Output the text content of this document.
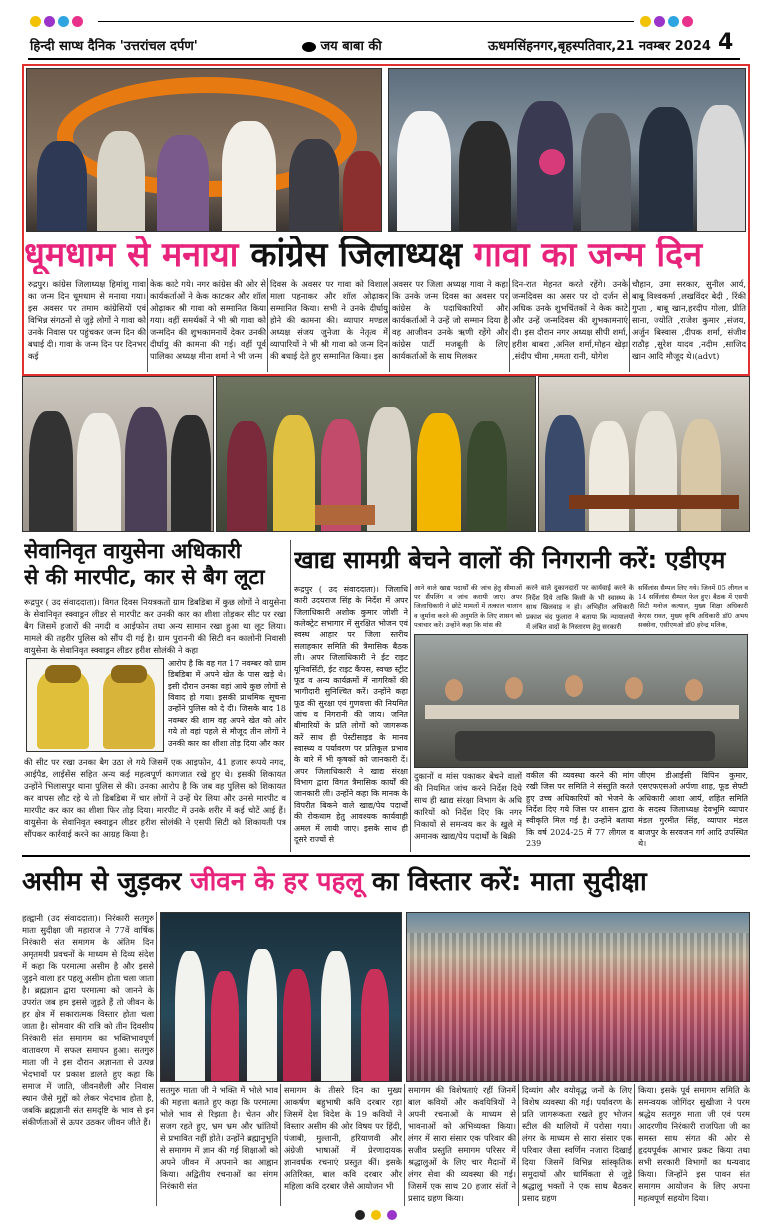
हिन्दी साप्ध दैनिक 'उत्तरांचल दर्पण'	जय बाबा की	ऊधमसिंहनगर,बृहस्पतिवार,21 नवम्बर 2024 4
धूमधाम से मनाया कांग्रेस जिलाध्यक्ष गावा का जन्म दिन
रुद्रपुर। कांग्रेस जिलाध्यक्ष हिमांशु गावा का जन्म दिन धूमधाम से मनाया गया। इस अवसर पर तमाम कांग्रेसियों एवं विभिन्न संगठनों से जुड़े लोगों ने गावा को उनके निवास पर पहुंचकर जन्म दिन की बधाई दी। गावा के जन्म दिन पर दिनभर कई
केक काटे गये। नगर कांग्रेस की ओर से कार्यकर्ताओं ने केक काटकर और शॉल ओढ़ाकर श्री गावा को सम्मानित किया गया। वहीं समर्थकों ने भी श्री गावा को जन्मदिन की शुभकामनायें देकर उनकी दीर्घायु की कामना की गई। वहीं पूर्व पालिका अध्यक्ष मीना शर्मा ने भी जन्म
दिवस के अवसर पर गावा को विशाल माला पहनाकर और शॉल ओढ़ाकर सम्मानित किया। सभी ने उनके दीर्घायु होने की कामना की। व्यापार मण्डल अध्यक्ष संजय जुनेजा के नेतृत्व में व्यापारियों ने भी श्री गावा को जन्म दिन की बधाई देते हुए सम्मानित किया। इस
अवसर पर जिला अध्यक्ष गावा ने कहा कि उनके जन्म दिवस का अवसर पर कांग्रेस के पदाधिकारियों और कार्यकर्ताओं ने उन्हें जो सम्मान दिया है वह आजीवन उनके ऋणी रहेंगे और कांग्रेस पार्टी मजबूती के लिए कार्यकर्ताओं के साथ मिलकर
दिन-रात मेहनत करते रहेंगे। उनके जन्मदिवस का असर पर दो दर्जन से अधिक उनके शुभचिंतकों ने केक काटे और उन्हें जन्मदिवस की शुभकामनाएं दी। इस दौरान नगर अध्यक्ष सीपी शर्मा, हरीश बाबरा ,अनिल शर्मा,मोहन खेड़ा ,संदीप चीमा ,ममता रानी, योगेश
चौहान, उमा सरकार, सुनील आर्य, बाबू विश्वकर्मा ,लखविंदर बेदी , रिंकी गुप्ता , बाबू खान,हरदीप गोला, प्रीति साना, ज्योति ,राजेश कुमार ,संजय, अर्जुन बिस्वास ,दीपक शर्मा, संजीव राठौड़ ,सुरेश यादव ,नदीम ,साजिद खान आदि मौजूद थे।(advt)
सेवानिवृत वायुसेना अधिकारी
से की मारपीट, कार से बैग लूटा
रूद्रपुर ( उद संवाददाता)। विगत दिवस नियत्रकतों ग्राम डिबडिबा में कुछ लोगों ने वायुसेना के सेवानिवृत स्क्वाड्रन लीडर से मारपीट कर उनकी कार का शीशा तोड़कर सीट पर रखा बैग जिसमें हजारों की नगदी व आईफोन तथा अन्य सामान रखा हुआ था लूट लिया। मामले की तहरीर पुलिस को सौंप दी गई है। ग्राम पुराननी की सिटी वन कालोनी निवासी वायुसेना के सेवानिवृत स्क्वाड्रन लीडर हरीश सोलंकी ने कहा
आरोप है कि वह गत 17 नवम्बर को ग्राम डिबडिबा में अपने खेत के पास खड़े थे। इसी दौरान उनका वहां आये कुछ लोगों से विवाद हो गया। इसकी प्राथमिक सूचना उन्होंने पुलिस को दे दी। जिसके बाद 18 नवम्बर की शाम वह अपने खेत को ओर गये तो वहां पहले से मौजूद तीन लोगों ने उनकी कार का शीशा तोड़ दिया और कार
की सीट पर रखा उनका बैग उठा ले गये जिसमें एक आइफोन, 41 हजार रूपये नगद, आईपैड, लाईसेंस सहित अन्य कई महत्वपूर्ण कागजात रखे हुए थे। इसकी शिकायत उन्होंने भिलासपुर थाना पुलिस से की। उनका आरोप है कि जब वह पुलिस को शिकायत कर वापस लौट रहे थे तो डिबडिबा में चार लोगों ने उन्हें घेर लिया और उनसे मारपीट व मारपीट कर कार का शीशा फिर तोड़ दिया। मारपीट में उनके शरीर में कई चोटें आई हैं। वायुसेना के सेवानिवृत स्क्वाड्रन लीडर हरीश सोलंकी ने एसपी सिटी को शिकायती पत्र सौंपकर कार्रवाई करने का आग्रह किया है।
खाद्य सामग्री बेचने वालों की निगरानी करें: एडीएम
रूद्रपुर ( उद संवाददाता)। जिलाधि कारी उदयराज सिंह के निर्देश में अपर जिलाधिकारी अशोक कुमार जोशी ने कलेक्ट्रेट सभागार में सुरक्षित भोजन एवं स्वस्थ आहार पर जिला स्तरीय सलाहकार समिति की त्रैमासिक बैठक ली। अपर जिलाधिकारी ने ईट राइट यूनिवर्सिटी, ईट राइट कैंपस, स्वच्छ स्ट्रीट फूड व अन्य कार्यक्रमों में नागरिकों की भागीदारी सुनिश्चित करें। उन्होंने कहा फूड की सुरक्षा एवं गुणवत्ता की नियमित जांच व निगरानी की जाय। जनित बीमारियों के प्रति लोगों को जागरूक करें साथ ही पेस्टीसाइड के मानव स्वास्थ्य व पर्यावरण पर प्रतिकूल प्रभाव के बारे में भी कृषकों को जानकारी दें। अपर जिलाधिकारी ने खाद्य संरक्षा विभाग द्वारा विगत त्रैमासिक कार्यों की जानकारी ली। उन्होंने कहा कि मानक के विपरीत बिकने वाले खाद्य/पेय पदार्थों की रोकथाम हेतु आवश्यक कार्यवाही अमल में लायी जाए। इसके साथ ही दूसरे राज्यों से
आने वाले खाद्य पदार्थों की जांच हेतु सीमाओं पर सैंपलिंग व जांच करायी जाए। अपर जिलाधिकारी ने छोटे मामलों में तत्काल चालान व जुर्माना करने की अनुमति के लिए शासन को पत्राचार करें। उन्होंने कहा कि मांस की
करने वाले दुकानदारों पर कार्यवाई करने के निर्देश दिये ताकि किसी के भी स्वास्थ्य के साथ खिलवाड़ न हो। अभिहीत अधिकारी प्रकाश चंद फुलारा ने बताया कि न्यायालयों में लंबित वादों के निस्तारण हेतु सरकारी
सर्विलांस सैम्पल लिए गये। जिनमें 05 लीगल व 14 सर्विलांस सैम्पल फेल हुए। बैठक में एसपी सिटी मनोज कत्याल, मुख्य शिक्षा अधिकारी केएस रावत, मुख्य कृषि अधिकारी डॉ0 अभय सक्सेना, एसीएमओ डॉ0 हरेन्द्र मलिक,
दुकानों व मांस पकाकर बेचने वालों की नियमित जांच करने निर्देश दिये साथ ही खाद्य संरक्षा विभाग के अधि कारियों को निर्देश दिए कि नगर निकायों से समन्वय कर के खुले में अमानक खाद्य/पेय पदार्थों के बिक्री
वकील की व्यवस्था करने की मांग रखी जिस पर समिति ने संस्तुति करते हुए उच्च अधिकारियों को भेजने के निर्देश दिए गये जिस पर शासन द्वारा स्वीकृति मिल गई है। उन्होंने बताया कि वर्ष 2024-25 में 77 लीगल व 239
जीएम डीआईसी विपिन कुमार, एसएफएसओ अर्पणा शाह, फूड सेफ्टी अधिकारी आशा आर्य, शहित समिति के सदस्य जिलाध्यक्ष देवभूमि व्यापार मंडल गुरमीत सिंह, व्यापार मंडल बाजपुर के सरवजन गर्ग आदि उपस्थित थे।
असीम से जुड़कर जीवन के हर पहलू का विस्तार करें: माता सुदीक्षा
हल्द्वानी (उद संवाददाता)। निरंकारी सतगुरु माता सुदीक्षा जी महाराज ने 77वें वार्षिक निरंकारी संत समागम के अंतिम दिन अमृतमयी प्रवचनों के माध्यम से दिव्य संदेश में कहा कि परमात्मा असीम है और इससे जुड़ने वाला हर पहलू असीम होता चला जाता है। ब्रह्मज्ञान द्वारा परमात्मा को जानने के उपरांत जब हम इससे जुड़ते हैं तो जीवन के हर क्षेत्र में सकारात्मक विस्तार होता चला जाता है। सोमवार की रात्रि को तीन दिवसीय निरंकारी संत समागम का भक्तिभावपूर्ण वातावरण में सफल समापन हुआ। सतगुरु माता जी ने इस दौरान अज्ञानता से उत्पन्न भेदभावों पर प्रकाश डालते हुए कहा कि समाज में जाति, जीवनशैली और निवास स्थान जैसे मुद्दों को लेकर भेदभाव होता है, जबकि ब्रह्मज्ञानी संत समदृष्टि के भाव से इन संकीर्णताओं से ऊपर उठकर जीवन जीते हैं।
सतगुरु माता जी ने भक्ति में भोले भाव की महत्ता बताते हुए कहा कि परमात्मा भोले भाव से रिझता है। चेतन और सजग रहते हुए, भ्रम भ्रम और भ्रांतियों से प्रभावित नहीं होते। उन्होंने ब्रह्मानुभूति से समागम में ज्ञान की गई शिक्षाओं को अपने जीवन में अपनाने का आह्वान किया। अद्वितीय रचनाओं का संगम निरंकारी संत
समागम के तीसरे दिन का मुख्य आकर्षण बहुभाषी कवि दरबार रहा जिसमें देश विदेश के 19 कवियों ने विस्तार असीम की ओर विषय पर हिंदी, पंजाबी, मुल्तानी, हरियाणवी और अंग्रेजी भाषाओं में प्रेरणादायक ज्ञानवर्धक रचनाएं प्रस्तुत कीं। इसके अतिरिक्त, बाल कवि दरबार और महिला कवि दरबार जैसे आयोजन भी
समागम की विशेषताएं रहीं जिनमें बाल कवियों और कवयित्रियों ने अपनी रचनाओं के माध्यम से भावनाओं को अभिव्यक्त किया। लंगर में सारा संसार एक परिवार की सजीव प्रस्तुति समागम परिसर में श्रद्धालुओं के लिए चार मैदानों में लंगर सेवा की व्यवस्था की गई। जिसमें एक साथ 20 हजार संतों ने प्रसाद ग्रहण किया।
दिव्यांग और वयोवृद्ध जनों के लिए विशेष व्यवस्था की गई। पर्यावरण के प्रति जागरूकता रखते हुए भोजन स्टील की थालियों में परोसा गया। लंगर के माध्यम से सारा संसार एक परिवार जैसा स्वर्णिम नजारा दिखाई दिया जिसमें विभिन्न सांस्कृतिक समुदायों और धार्मिकता से जुड़े श्रद्धालु भक्तों ने एक साथ बैठकर प्रसाद ग्रहण
किया। इसके पूर्व समागम समिति के समन्वयक जोगिंदर सुखीजा ने परम श्रद्धेय सतगुरु माता जी एवं परम आदरणीय निरंकारी राजपिता जी का समस्त साध संगत की ओर से हृदयपूर्वक आभार प्रकट किया तथा सभी सरकारी विभागों का धन्यवाद किया। जिन्होंने इस पावन संत समागम आयोजन के लिए अपना महत्वपूर्ण सहयोग दिया।
